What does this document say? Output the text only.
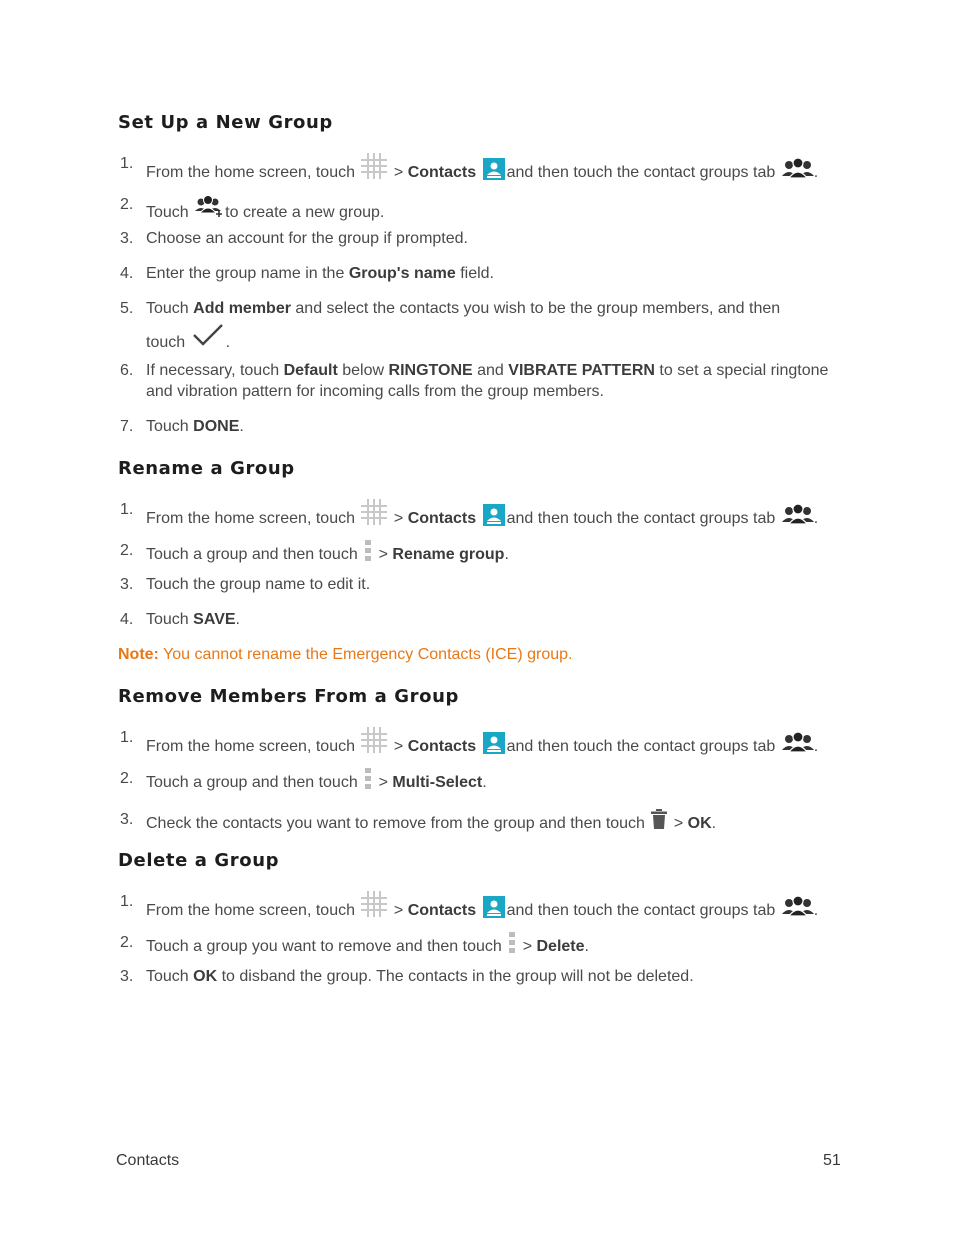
Set Up a New Group
1.
From the home screen, touch > Contacts and then touch the contact groups tab .
2. Touch to create a new group.
3. Choose an account for the group if prompted.
4. Enter the group name in the Group's name field.
5. Touch Add member and select the contacts you wish to be the group members, and then
touch	.
6. If necessary, touch Default below RINGTONE and VIBRATE PATTERN to set a special ringtone and vibration pattern for incoming calls from the group members.
7. Touch DONE.
Rename a Group
1.
From the home screen, touch > Contacts and then touch the contact groups tab .
2. Touch a group and then touch > Rename group.
3. Touch the group name to edit it.
4. Touch SAVE.
Note: You cannot rename the Emergency Contacts (ICE) group.
Remove Members From a Group
1.
From the home screen, touch > Contacts and then touch the contact groups tab .
2. Touch a group and then touch > Multi-Select.
3. Check the contacts you want to remove from the group and then touch > OK.
Delete a Group
1.
From the home screen, touch > Contacts and then touch the contact groups tab .
2. Touch a group you want to remove and then touch > Delete.
3. Touch OK to disband the group. The contacts in the group will not be deleted.
Contacts	51
